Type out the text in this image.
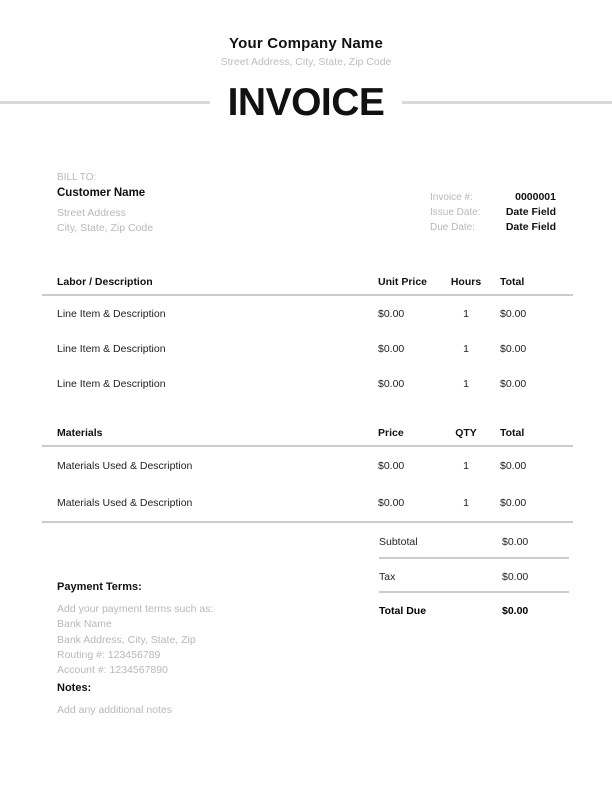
Your Company Name
Street Address, City, State, Zip Code
INVOICE
BILL TO:
Customer Name
Street Address
City, State, Zip Code
Invoice #:	0000001
Issue Date: Date Field
Due Date:	Date Field
Labor / Description	Unit Price	Hours	Total
Line Item & Description	$0.00	1	$0.00
Line Item & Description	$0.00	1	$0.00
Line Item & Description	$0.00	1	$0.00
Materials	Price	QTY	Total
Materials Used & Description	$0.00	1	$0.00
Materials Used & Description	$0.00	1	$0.00
Subtotal	$0.00
Tax	$0.00
Total Due	$0.00
Payment Terms:
Add your payment terms such as:
Bank Name
Bank Address, City, State, Zip
Routing #: 123456789
Account #: 1234567890
Notes:
Add any additional notes
